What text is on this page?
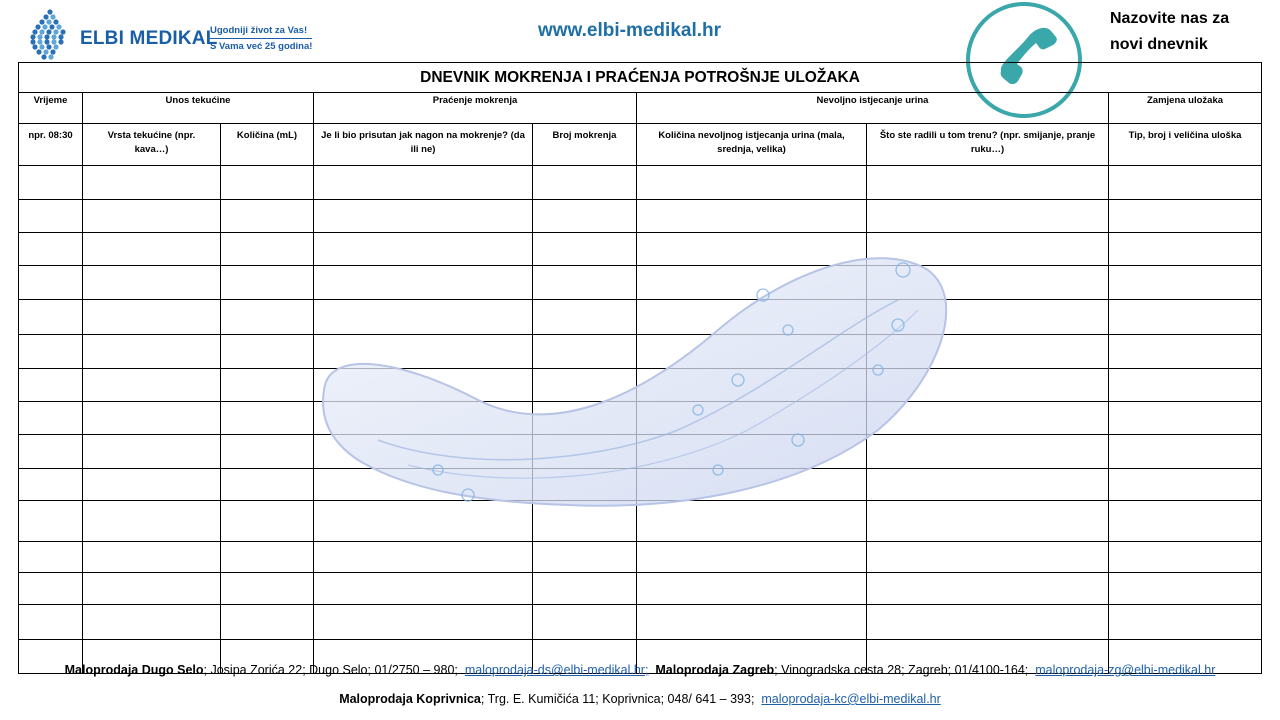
ELBI MEDIKAL
Ugodniji život za Vas!
S Vama već 25 godina!
www.elbi-medikal.hr
Nazovite nas za
novi dnevnik
DNEVNIK MOKRENJA I PRAĆENJA POTROŠNJE ULOŽAKA							
Vrijeme	Unos tekućine		Praćenje mokrenja		Nevoljno istjecanje urina		Zamjena uložaka
npr. 08:30	Vrsta tekućine (npr. kava…)	Količina (mL)	Je li bio prisutan jak nagon na mokrenje? (da ili ne)	Broj mokrenja	Količina nevoljnog istjecanja urina (mala, srednja, velika)	Što ste radili u tom trenu? (npr. smijanje, pranje ruku…)	Tip, broj i veličina uloška

Maloprodaja Dugo Selo; Josipa Zorića 22; Dugo Selo; 01/2750 – 980; maloprodaja-ds@elbi-medikal.hr; Maloprodaja Zagreb; Vinogradska cesta 28; Zagreb; 01/4100-164; maloprodaja-zg@elbi-medikal.hr
Maloprodaja Koprivnica; Trg. E. Kumičića 11; Koprivnica; 048/ 641 – 393; maloprodaja-kc@elbi-medikal.hr
